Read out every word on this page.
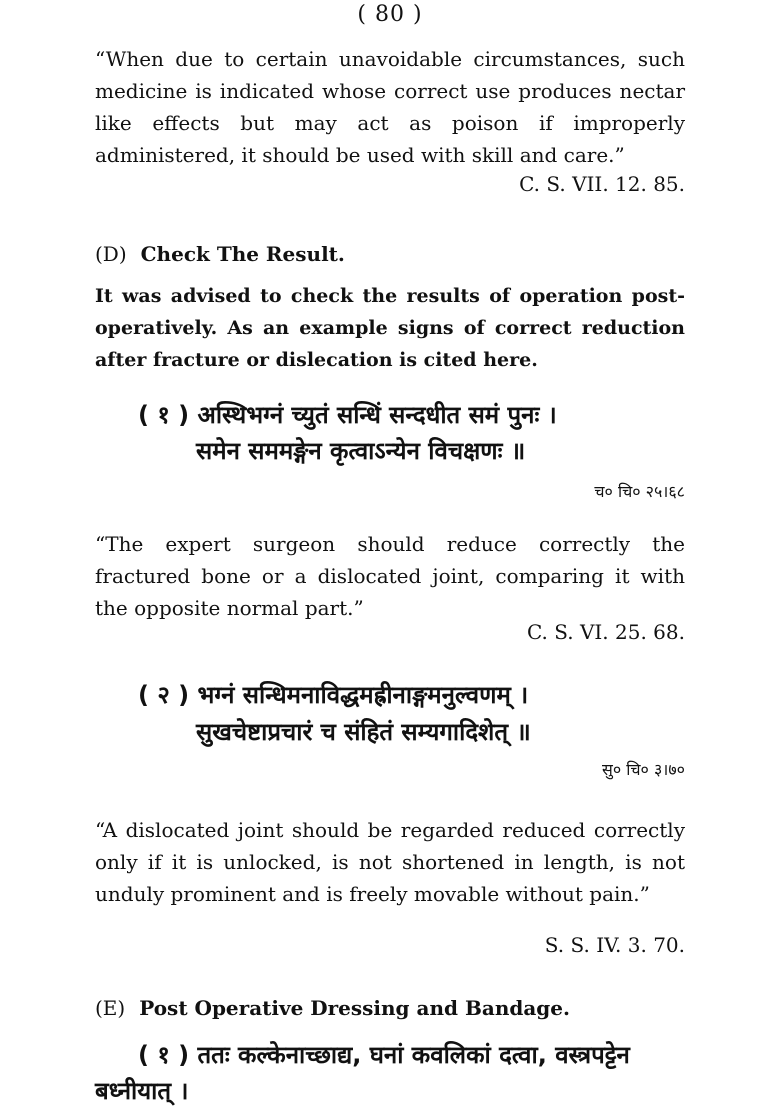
( 80 )
“When due to certain unavoidable circumstances, such medicine is indicated whose correct use produces nectar like effects but may act as poison if improperly administered, it should be used with skill and care.”
C. S. VII. 12. 85.
(D) Check The Result.
It was advised to check the results of operation post-operatively. As an example signs of correct reduction after fracture or dislecation is cited here.
( १ ) अस्थिभग्नं च्युतं सन्धिं सन्दधीत समं पुनः ।
समेन सममङ्गेन कृत्वाऽन्येन विचक्षणः ॥
च० चि० २५।६८
“The expert surgeon should reduce correctly the fractured bone or a dislocated joint, comparing it with the opposite normal part.”
C. S. VI. 25. 68.
( २ ) भग्नं सन्धिमनाविद्धमह्रीनाङ्गमनुल्वणम् ।
सुखचेष्टाप्रचारं च संहितं सम्यगादिशेत् ॥
सु० चि० ३।७०
“A dislocated joint should be regarded reduced correctly only if it is unlocked, is not shortened in length, is not unduly prominent and is freely movable without pain.”
S. S. IV. 3. 70.
(E) Post Operative Dressing and Bandage.
( १ ) ततः कल्केनाच्छाद्य, घनां कवलिकां दत्वा, वस्त्रपट्टेन
बध्नीयात् ।
